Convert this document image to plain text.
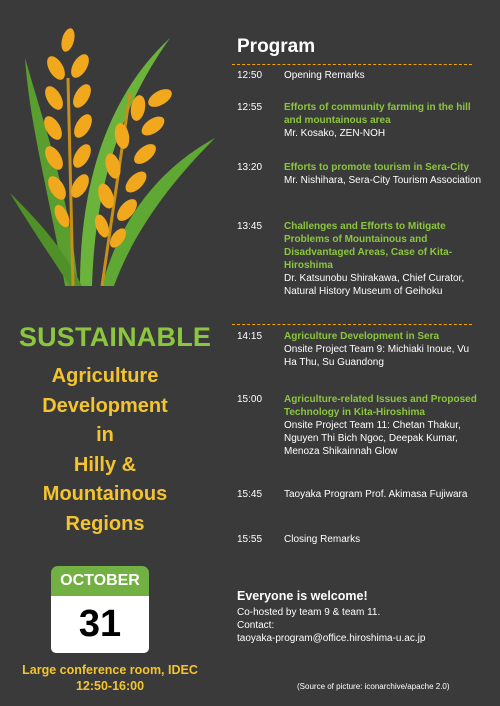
SUSTAINABLE
Agriculture
Development
in
Hilly &
Mountainous
Regions
OCTOBER
31
Large conference room, IDEC
12:50-16:00
Program
12:50	Opening Remarks
12:55	Efforts of community farming in the hill and mountainous area
Mr. Kosako, ZEN-NOH
13:20	Efforts to promote tourism in Sera-City
Mr. Nishihara, Sera-City Tourism Association
13:45	Challenges and Efforts to Mitigate Problems of Mountainous and Disadvantaged Areas, Case of Kita-Hiroshima
Dr. Katsunobu Shirakawa, Chief Curator, Natural History Museum of Geihoku
14:15	Agriculture Development in Sera
Onsite Project Team 9: Michiaki Inoue, Vu Ha Thu, Su Guandong
15:00	Agriculture-related Issues and Proposed Technology in Kita-Hiroshima
Onsite Project Team 11: Chetan Thakur, Nguyen Thi Bich Ngoc, Deepak Kumar, Menoza Shikainnah Glow
15:45	Taoyaka Program Prof. Akimasa Fujiwara
15:55	Closing Remarks
Everyone is welcome!
Co-hosted by team 9 & team 11.
Contact:
taoyaka-program@office.hiroshima-u.ac.jp
(Source of picture: iconarchive/apache 2.0)
